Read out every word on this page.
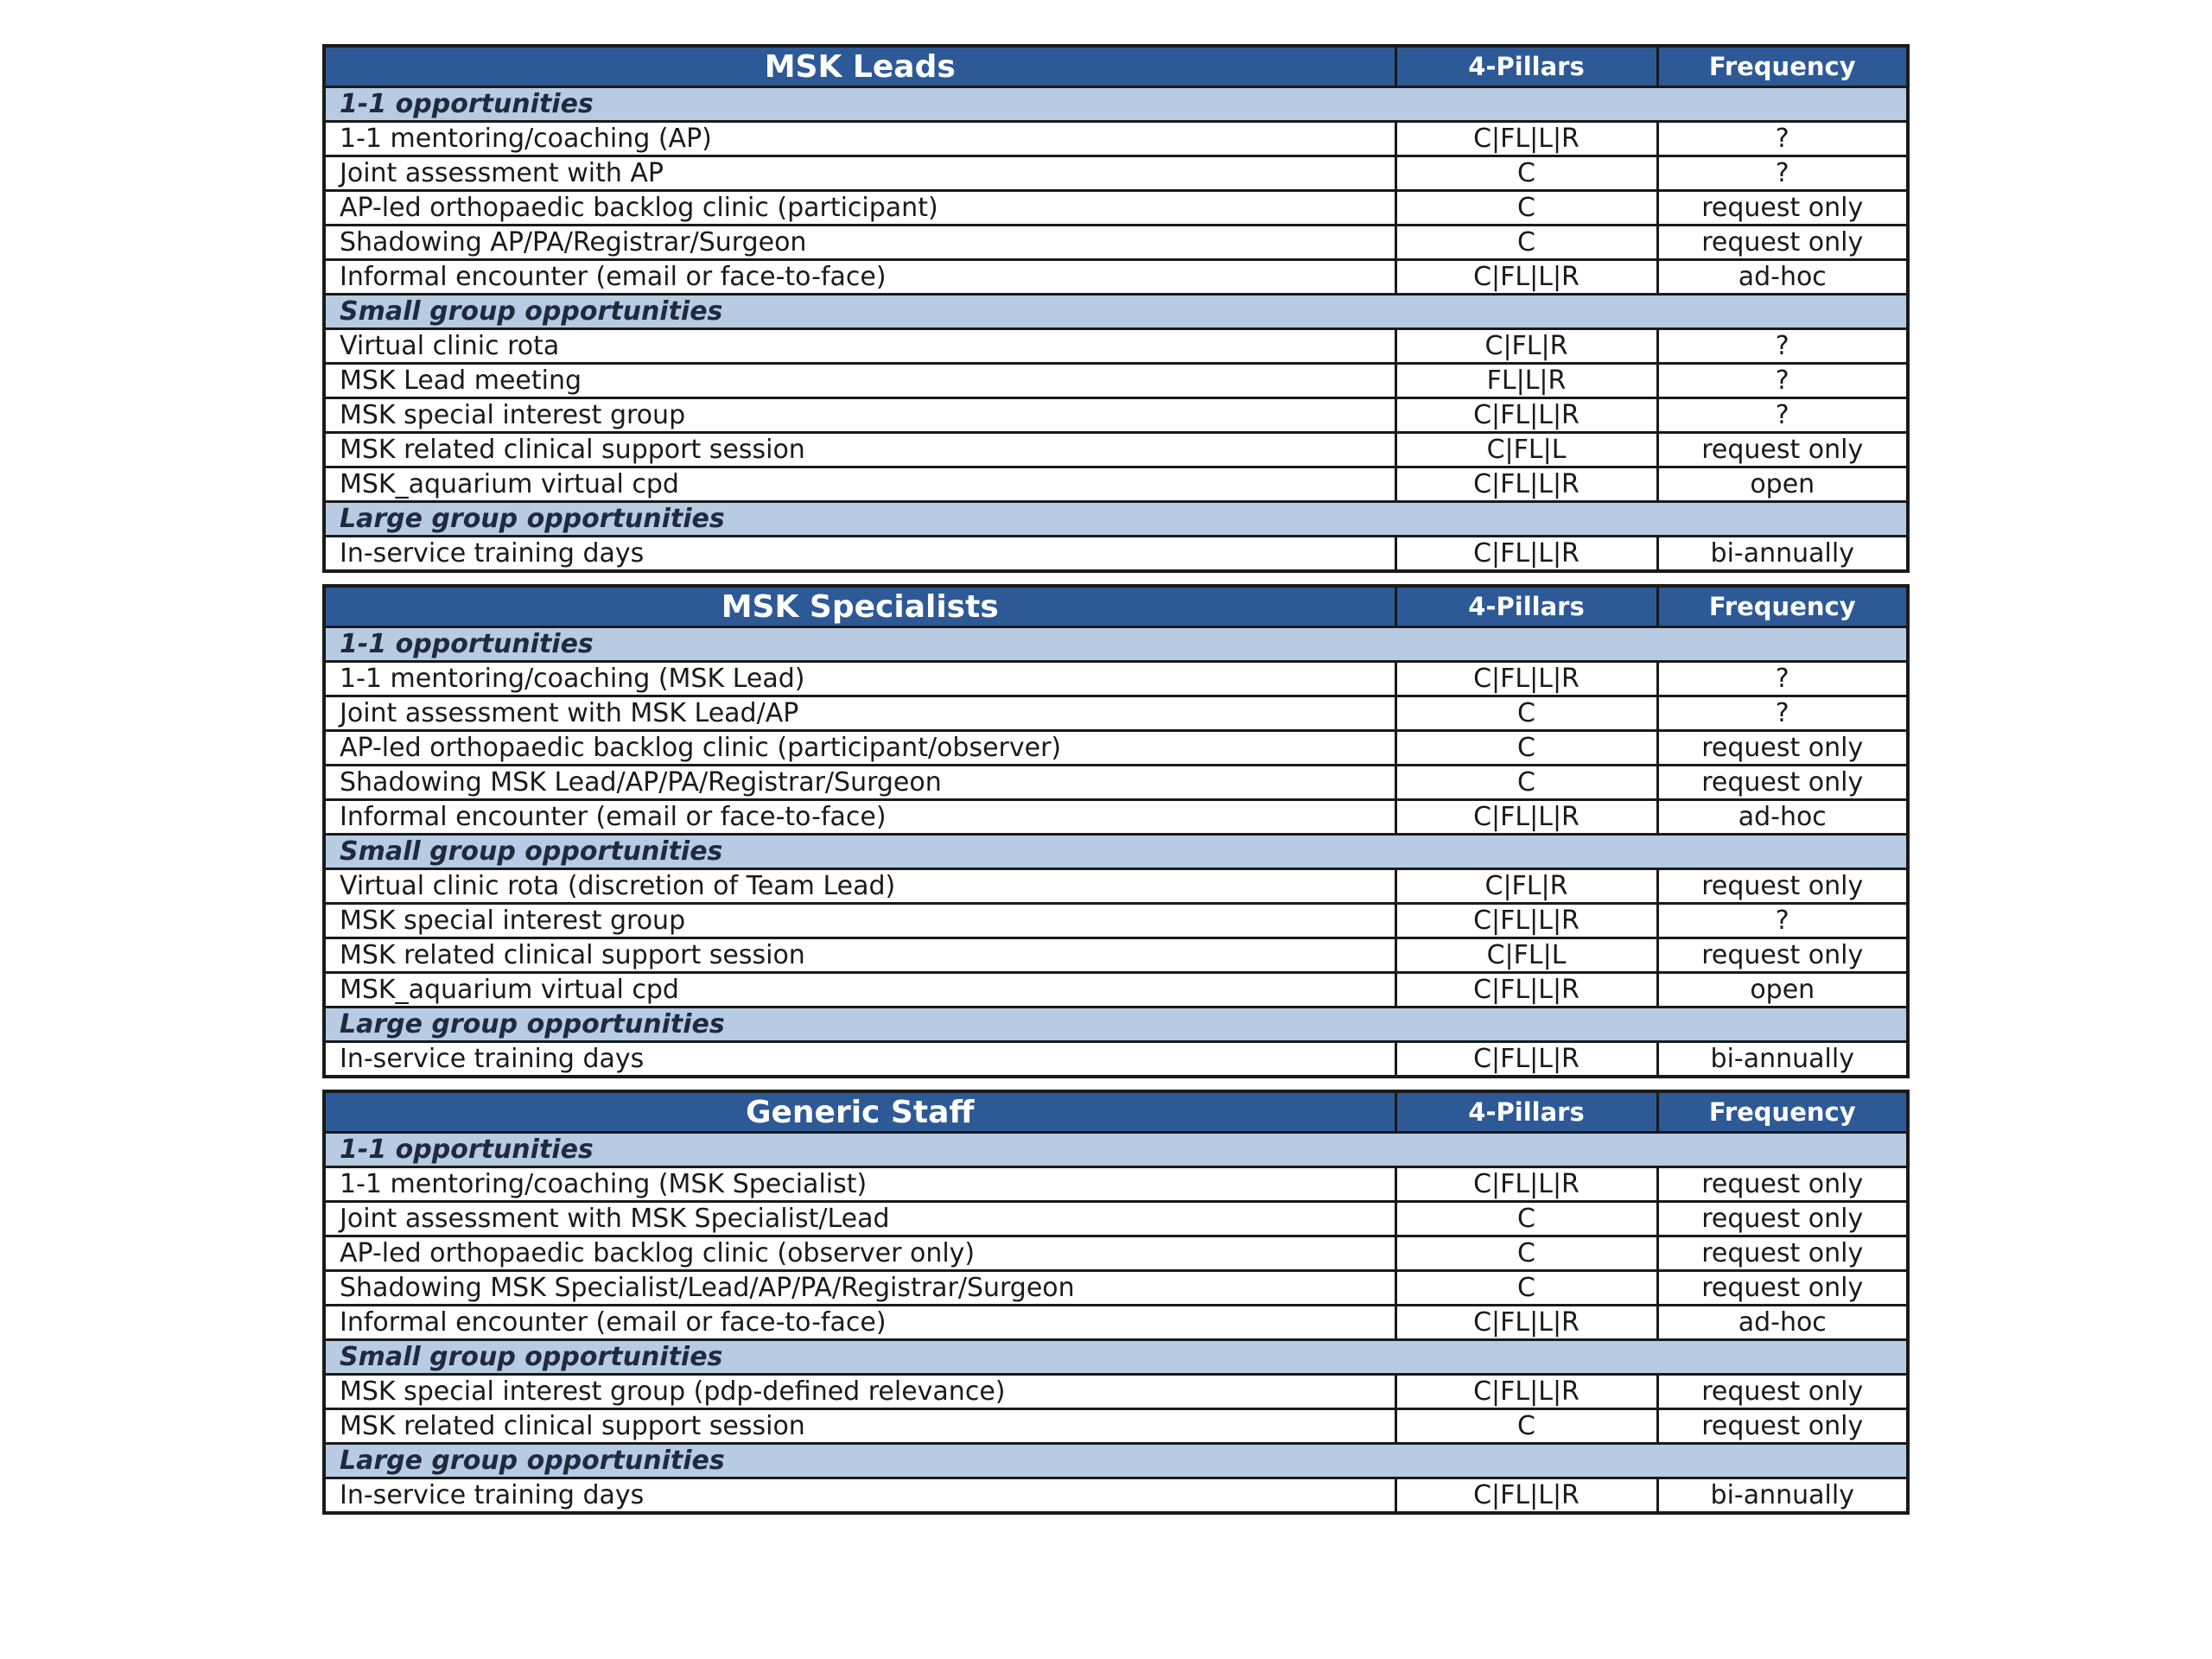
MSK Leads	4-Pillars	Frequency
1-1 opportunities		
1-1 mentoring/coaching (AP)	C|FL|L|R	?
Joint assessment with AP	C	?
AP-led orthopaedic backlog clinic (participant)	C	request only
Shadowing AP/PA/Registrar/Surgeon	C	request only
Informal encounter (email or face-to-face)	C|FL|L|R	ad-hoc
Small group opportunities		
Virtual clinic rota	C|FL|R	?
MSK Lead meeting	FL|L|R	?
MSK special interest group	C|FL|L|R	?
MSK related clinical support session	C|FL|L	request only
MSK_aquarium virtual cpd	C|FL|L|R	open
Large group opportunities		
In-service training days	C|FL|L|R	bi-annually
MSK Specialists	4-Pillars	Frequency
1-1 opportunities		
1-1 mentoring/coaching (MSK Lead)	C|FL|L|R	?
Joint assessment with MSK Lead/AP	C	?
AP-led orthopaedic backlog clinic (participant/observer)	C	request only
Shadowing MSK Lead/AP/PA/Registrar/Surgeon	C	request only
Informal encounter (email or face-to-face)	C|FL|L|R	ad-hoc
Small group opportunities		
Virtual clinic rota (discretion of Team Lead)	C|FL|R	request only
MSK special interest group	C|FL|L|R	?
MSK related clinical support session	C|FL|L	request only
MSK_aquarium virtual cpd	C|FL|L|R	open
Large group opportunities		
In-service training days	C|FL|L|R	bi-annually
Generic Staff	4-Pillars	Frequency
1-1 opportunities		
1-1 mentoring/coaching (MSK Specialist)	C|FL|L|R	request only
Joint assessment with MSK Specialist/Lead	C	request only
AP-led orthopaedic backlog clinic (observer only)	C	request only
Shadowing MSK Specialist/Lead/AP/PA/Registrar/Surgeon	C	request only
Informal encounter (email or face-to-face)	C|FL|L|R	ad-hoc
Small group opportunities		
MSK special interest group (pdp-defined relevance)	C|FL|L|R	request only
MSK related clinical support session	C	request only
Large group opportunities		
In-service training days	C|FL|L|R	bi-annually
